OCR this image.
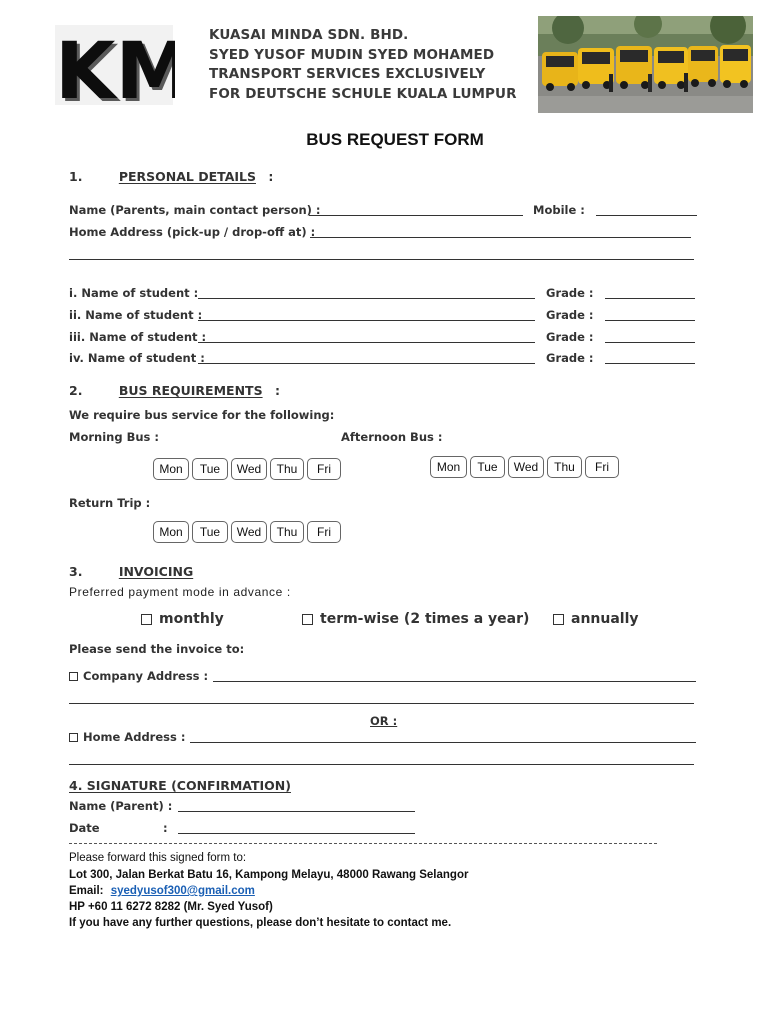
KM
KM KUASAI MINDA SDN. BHD.
SYED YUSOF MUDIN SYED MOHAMED
TRANSPORT SERVICES EXCLUSIVELY
FOR DEUTSCHE SCHULE KUALA LUMPUR
BUS REQUEST FORM
1.	PERSONAL DETAILS :
Name (Parents, main contact person) :	Mobile :
Home Address (pick-up / drop-off at) :
i. Name of student :	Grade :
ii. Name of student :	Grade :
iii. Name of student :	Grade :
iv. Name of student :	Grade :
2.	BUS REQUIREMENTS :
We require bus service for the following:
Morning Bus :	Afternoon Bus :
Mon	Tue	Wed	Thu	Fri	Mon	Tue	Wed	Thu	Fri
Return Trip :
Mon	Tue	Wed	Thu	Fri
3.	INVOICING
Preferred payment mode in advance :
monthly	term-wise (2 times a year)	annually
Please send the invoice to:
Company Address :
OR :
Home Address :
4. SIGNATURE (CONFIRMATION)
Name (Parent) :
Date	:
Please forward this signed form to:
Lot 300, Jalan Berkat Batu 16, Kampong Melayu, 48000 Rawang Selangor
Email: syedyusof300@gmail.com
HP +60 11 6272 8282 (Mr. Syed Yusof)
If you have any further questions, please don’t hesitate to contact me.
